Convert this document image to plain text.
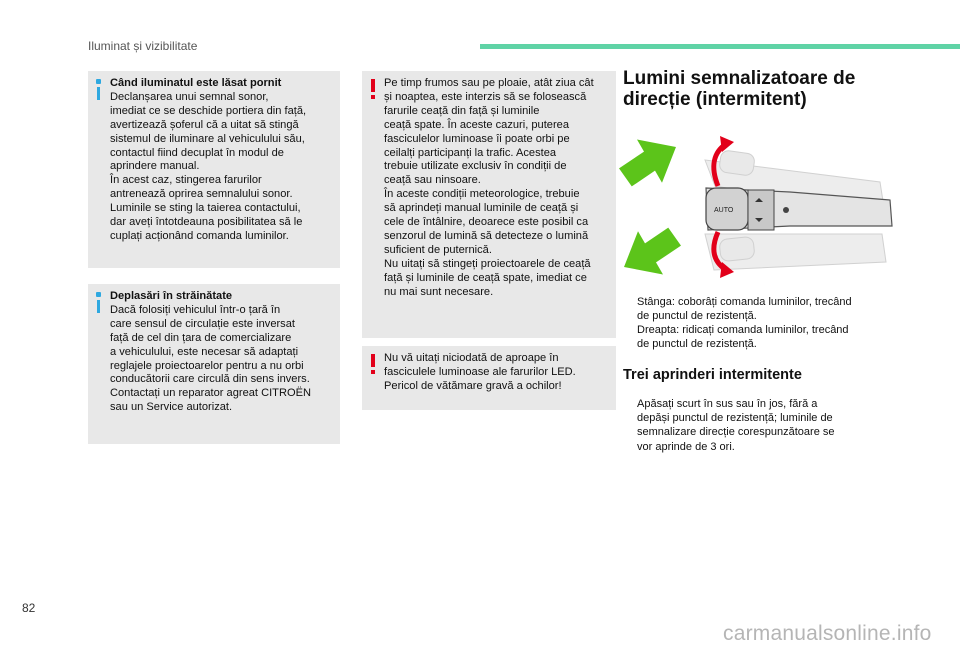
Iluminat și vizibilitate
Când iluminatul este lăsat pornit
Declanșarea unui semnal sonor,
imediat ce se deschide portiera din față,
avertizează șoferul că a uitat să stingă
sistemul de iluminare al vehiculului său,
contactul fiind decuplat în modul de
aprindere manual.
În acest caz, stingerea farurilor
antrenează oprirea semnalului sonor.
Luminile se sting la taierea contactului,
dar aveți întotdeauna posibilitatea să le
cuplați acționând comanda luminilor.
Deplasări în străinătate
Dacă folosiți vehiculul într-o țară în
care sensul de circulație este inversat
față de cel din țara de comercializare
a vehiculului, este necesar să adaptați
reglajele proiectoarelor pentru a nu orbi
conducătorii care circulă din sens invers.
Contactați un reparator agreat CITROËN
sau un Service autorizat.
Pe timp frumos sau pe ploaie, atât ziua cât
și noaptea, este interzis să se folosească
farurile ceață din față și luminile
ceață spate. În aceste cazuri, puterea
fasciculelor luminoase îi poate orbi pe
ceilalți participanți la trafic. Acestea
trebuie utilizate exclusiv în condiții de
ceață sau ninsoare.
În aceste condiții meteorologice, trebuie
să aprindeți manual luminile de ceață și
cele de întâlnire, deoarece este posibil ca
senzorul de lumină să detecteze o lumină
suficient de puternică.
Nu uitați să stingeți proiectoarele de ceață
față și luminile de ceață spate, imediat ce
nu mai sunt necesare.
Nu vă uitați niciodată de aproape în
fasciculele luminoase ale farurilor LED.
Pericol de vătămare gravă a ochilor!
Lumini semnalizatoare de
direcție (intermitent)
AUTO
Stânga: coborâți comanda luminilor, trecând
de punctul de rezistență.
Dreapta: ridicați comanda luminilor, trecând
de punctul de rezistență.
Trei aprinderi intermitente
Apăsați scurt în sus sau în jos, fără a
depăși punctul de rezistență; luminile de
semnalizare direcție corespunzătoare se
vor aprinde de 3 ori.
82
carmanualsonline.info
